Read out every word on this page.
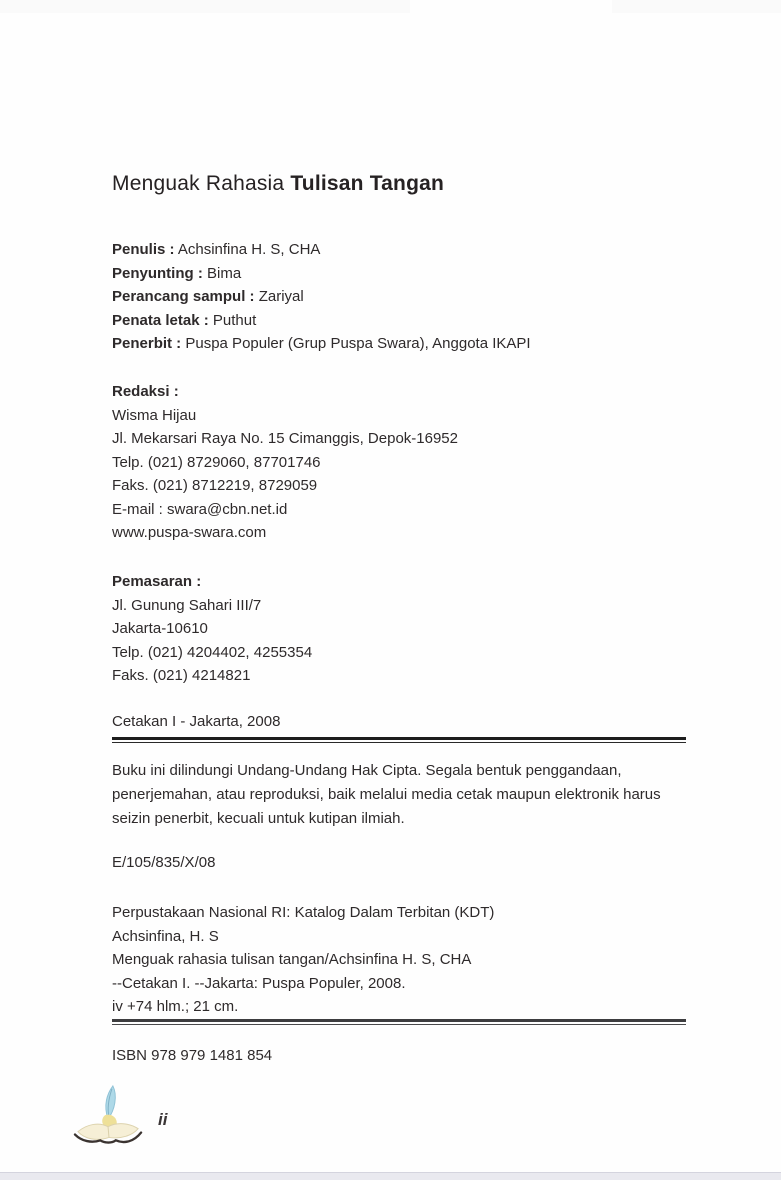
Menguak Rahasia Tulisan Tangan
Penulis : Achsinfina H. S, CHA
Penyunting : Bima
Perancang sampul : Zariyal
Penata letak : Puthut
Penerbit : Puspa Populer (Grup Puspa Swara), Anggota IKAPI
Redaksi :
Wisma Hijau
Jl. Mekarsari Raya No. 15 Cimanggis, Depok-16952
Telp. (021) 8729060, 87701746
Faks. (021) 8712219, 8729059
E-mail : swara@cbn.net.id
www.puspa-swara.com
Pemasaran :
Jl. Gunung Sahari III/7
Jakarta-10610
Telp. (021) 4204402, 4255354
Faks. (021) 4214821
Cetakan I - Jakarta, 2008
Buku ini dilindungi Undang-Undang Hak Cipta. Segala bentuk penggandaan, penerjemahan, atau reproduksi, baik melalui media cetak maupun elektronik harus seizin penerbit, kecuali untuk kutipan ilmiah.
E/105/835/X/08
Perpustakaan Nasional RI: Katalog Dalam Terbitan (KDT)
Achsinfina, H. S
Menguak rahasia tulisan tangan/Achsinfina H. S, CHA
--Cetakan I. --Jakarta: Puspa Populer, 2008.
iv +74 hlm.; 21 cm.
ISBN 978 979 1481 854
ii
